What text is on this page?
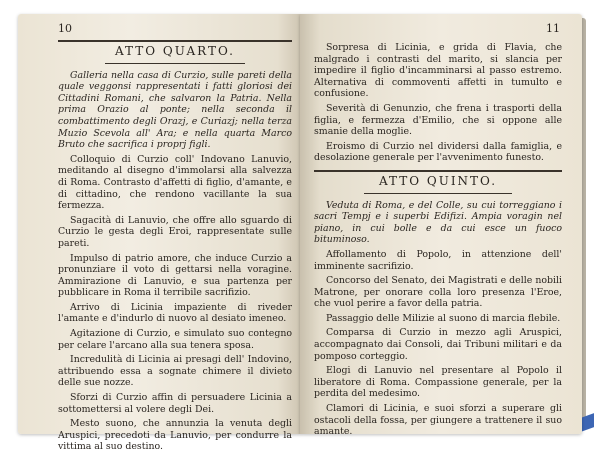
10
ATTO QUARTO.

Galleria nella casa di Curzio, sulle pareti della quale veggonsi rappresentati i fatti gloriosi dei Cittadini Romani, che salvaron la Patria. Nella prima Orazio al ponte; nella seconda il combattimento degli Orazj, e Curiazj; nella terza Muzio Scevola all' Ara; e nella quarta Marco Bruto che sacrifica i proprj figli.

Colloquio di Curzio coll' Indovano Lanuvio, meditando al disegno d'immolarsi alla salvezza di Roma. Contrasto d'affetti di figlio, d'amante, e di cittadino, che rendono vacillante la sua fermezza.

Sagacità di Lanuvio, che offre allo sguardo di Curzio le gesta degli Eroi, rappresentate sulle pareti.

Impulso di patrio amore, che induce Curzio a pronunziare il voto di gettarsi nella voragine. Ammirazione di Lanuvio, e sua partenza per pubblicare in Roma il terribile sacrifizio.

Arrivo di Licinia impaziente di riveder l'amante e d'indurlo di nuovo al desiato imeneo.

Agitazione di Curzio, e simulato suo contegno per celare l'arcano alla sua tenera sposa.

Incredulità di Licinia ai presagi dell' Indovino, attribuendo essa a sognate chimere il divieto delle sue nozze.

Sforzi di Curzio affin di persuadere Licinia a sottomettersi al volere degli Dei.

Mesto suono, che annunzia la venuta degli Aruspici, precedoti da Lanuvio, per condurre la vittima al suo destino.

11

Sorpresa di Licinia, e grida di Flavia, che malgrado i contrasti del marito, si slancia per impedire il figlio d'incamminarsi al passo estremo. Alternativa di commoventi affetti in tumulto e confusione.

Severità di Genunzio, che frena i trasporti della figlia, e fermezza d'Emilio, che si oppone alle smanie della moglie.

Eroismo di Curzio nel dividersi dalla famiglia, e desolazione generale per l'avvenimento funesto.

ATTO QUINTO.

Veduta di Roma, e del Colle, su cui torreggiano i sacri Tempj e i superbi Edifizi. Ampia voragin nel piano, in cui bolle e da cui esce un fuoco bituminoso.

Affollamento di Popolo, in attenzione dell' imminente sacrifizio.

Concorso del Senato, dei Magistrati e delle nobili Matrone, per onorare colla loro presenza l'Eroe, che vuol perire a favor della patria.

Passaggio delle Milizie al suono di marcia flebile.

Comparsa di Curzio in mezzo agli Aruspici, accompagnato dai Consoli, dai Tribuni militari e da pomposo corteggio.

Elogi di Lanuvio nel presentare al Popolo il liberatore di Roma. Compassione generale, per la perdita del medesimo.

Clamori di Licinia, e suoi sforzi a superare gli ostacoli della fossa, per giungere a trattenere il suo amante.
